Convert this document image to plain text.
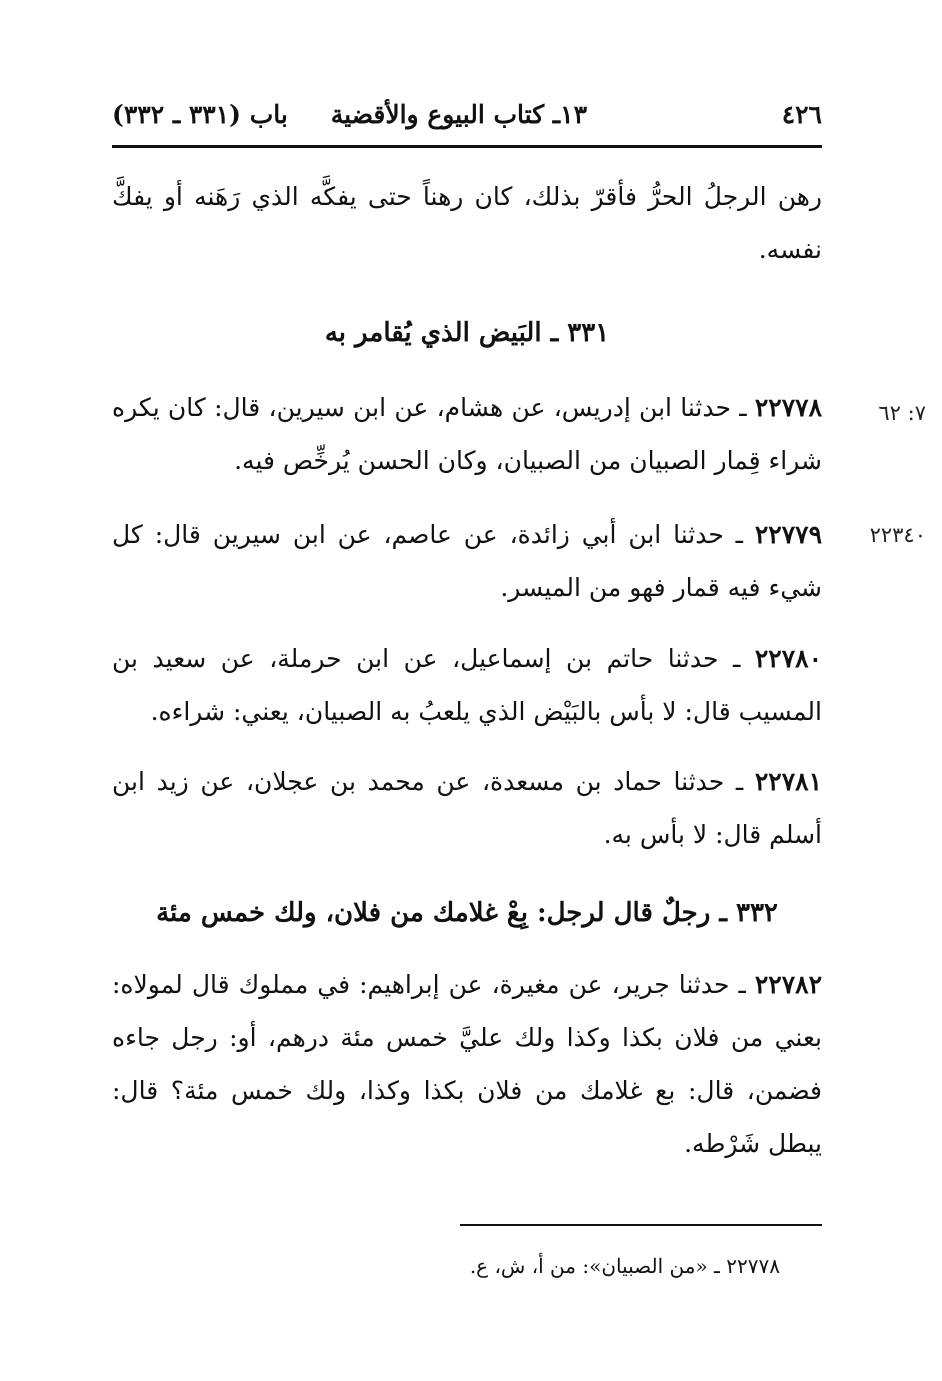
٤٢٦
١٣ـ كتاب البيوع والأقضية
باب (٣٣١ ـ ٣٣٢)

رهن الرجلُ الحرُّ فأقرّ بذلك، كان رهناً حتى يفكَّه الذي رَهَنه أو يفكَّ نفسه.

٣٣١ ـ البَيض الذي يُقامر به
٧: ٦٢

٢٢٧٧٨ ـ حدثنا ابن إدريس، عن هشام، عن ابن سيرين، قال: كان يكره شراء قِمار الصبيان من الصبيان، وكان الحسن يُرخِّص فيه.

٢٢٣٤٠

٢٢٧٧٩ ـ حدثنا ابن أبي زائدة، عن عاصم، عن ابن سيرين قال: كل شيء فيه قمار فهو من الميسر.

٢٢٧٨٠ ـ حدثنا حاتم بن إسماعيل، عن ابن حرملة، عن سعيد بن المسيب قال: لا بأس بالبَيْض الذي يلعبُ به الصبيان، يعني: شراءه.

٢٢٧٨١ ـ حدثنا حماد بن مسعدة، عن محمد بن عجلان، عن زيد ابن أسلم قال: لا بأس به.

٣٣٢ ـ رجلٌ قال لرجل: بِعْ غلامك من فلان، ولك خمس مئة

٢٢٧٨٢ ـ حدثنا جرير، عن مغيرة، عن إبراهيم: في مملوك قال لمولاه: بعني من فلان بكذا وكذا ولك عليَّ خمس مئة درهم، أو: رجل جاءه فضمن، قال: بع غلامك من فلان بكذا وكذا، ولك خمس مئة؟ قال: يبطل شَرْطه.

٢٢٧٧٨ ـ «من الصبيان»: من أ، ش، ع.
